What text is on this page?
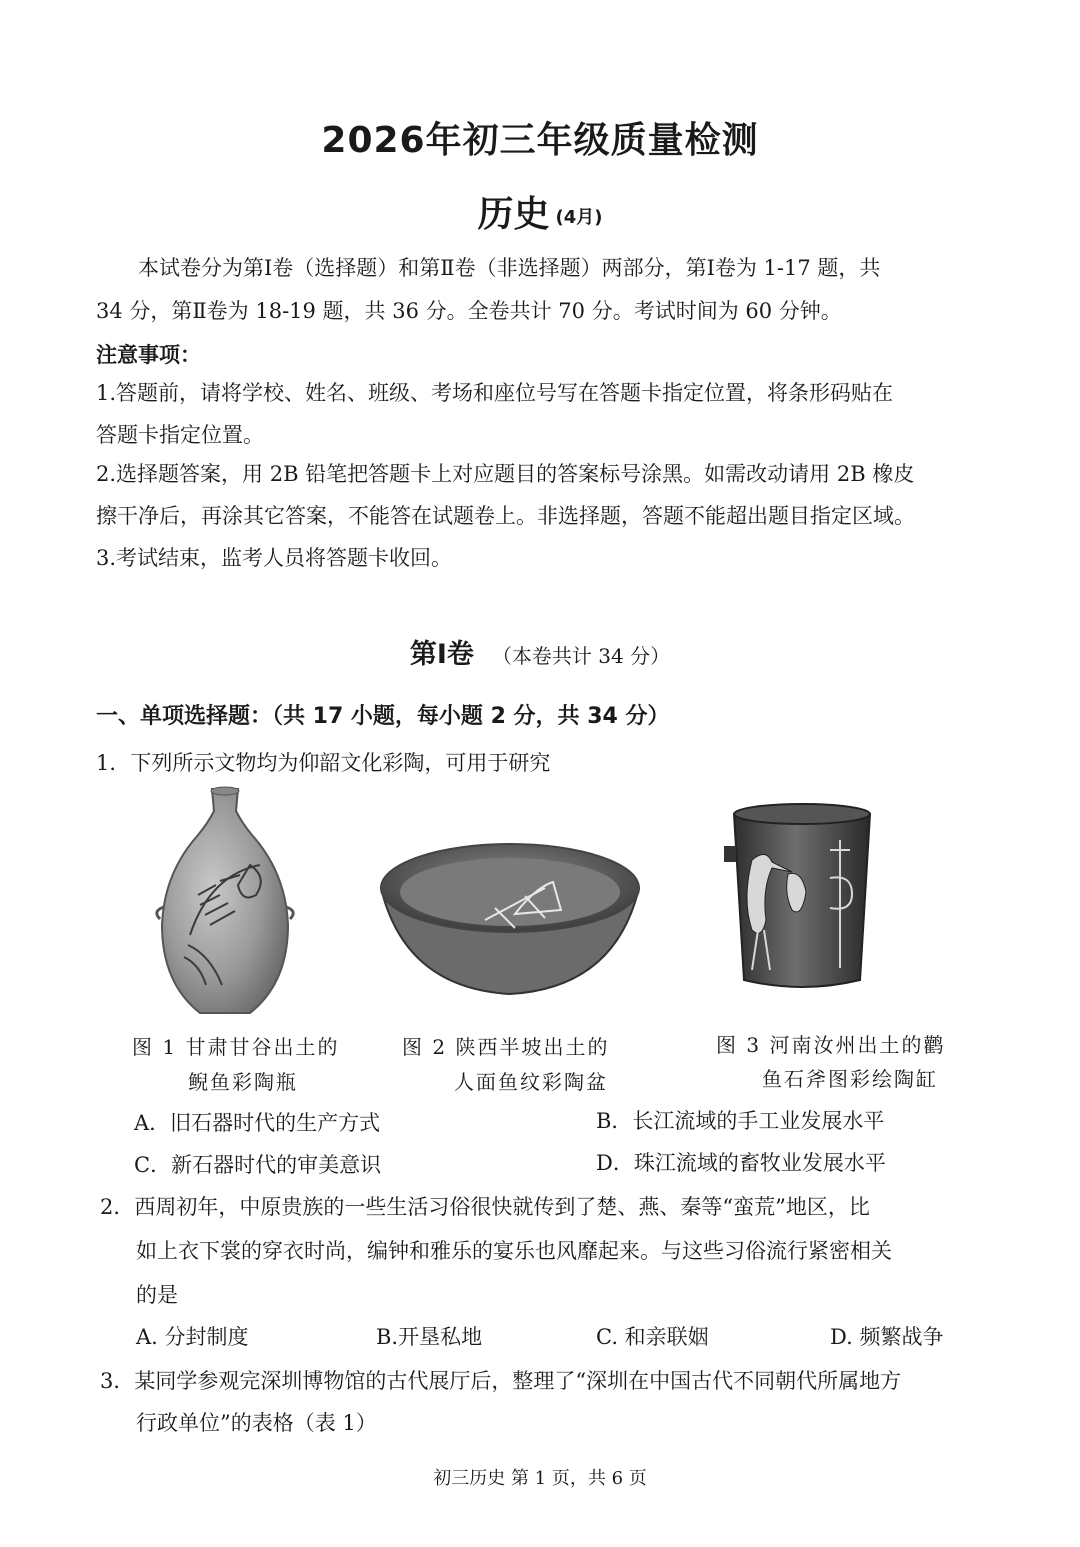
2026年初三年级质量检测
历史 (4月)
本试卷分为第Ⅰ卷（选择题）和第Ⅱ卷（非选择题）两部分，第Ⅰ卷为 1-17 题，共
34 分，第Ⅱ卷为 18-19 题，共 36 分。全卷共计 70 分。考试时间为 60 分钟。
注意事项：
1.答题前，请将学校、姓名、班级、考场和座位号写在答题卡指定位置，将条形码贴在
答题卡指定位置。
2.选择题答案，用 2B 铅笔把答题卡上对应题目的答案标号涂黑。如需改动请用 2B 橡皮
擦干净后，再涂其它答案，不能答在试题卷上。非选择题，答题不能超出题目指定区域。
3.考试结束，监考人员将答题卡收回。
第Ⅰ卷 （本卷共计 34 分）
一、单项选择题：（共 17 小题，每小题 2 分，共 34 分）
1．下列所示文物均为仰韶文化彩陶，可用于研究
图 1 甘肃甘谷出土的
鲵鱼彩陶瓶
图 2 陕西半坡出土的
人面鱼纹彩陶盆
图 3 河南汝州出土的鹳
鱼石斧图彩绘陶缸
A．旧石器时代的生产方式	B．长江流域的手工业发展水平
C．新石器时代的审美意识	D．珠江流域的畜牧业发展水平
2．西周初年，中原贵族的一些生活习俗很快就传到了楚、燕、秦等“蛮荒”地区，比
如上衣下裳的穿衣时尚，编钟和雅乐的宴乐也风靡起来。与这些习俗流行紧密相关
的是
A. 分封制度	B.开垦私地	C. 和亲联姻	D. 频繁战争
3．某同学参观完深圳博物馆的古代展厅后，整理了“深圳在中国古代不同朝代所属地方
行政单位”的表格（表 1）
初三历史 第 1 页，共 6 页
